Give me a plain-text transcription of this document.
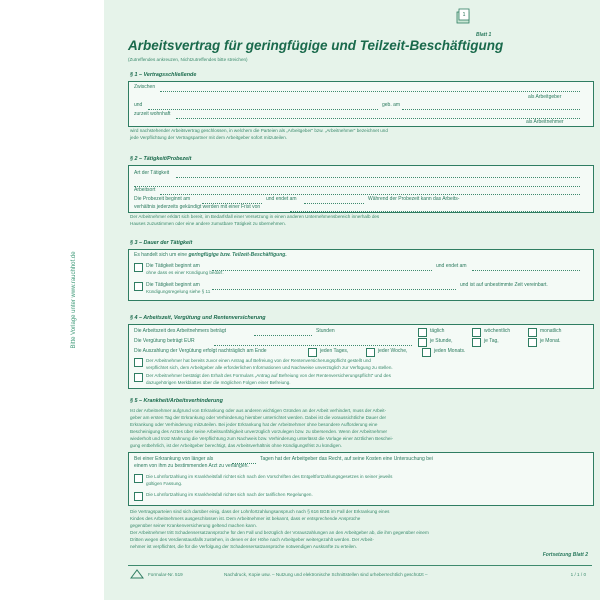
Bitte Vorlage unter www.rauchhof.de
1
Blatt 1
Arbeitsvertrag für geringfügige und Teilzeit-Beschäftigung
(Zutreffendes ankreuzen, Nichtzutreffendes bitte streichen)
§ 1 – Vertragsschließende
Zwischen
als Arbeitgeber
und	geb. am
zurzeit wohnhaft
als Arbeitnehmer
wird nachstehender Arbeitsvertrag geschlossen, in welchem die Parteien als „Arbeitgeber“ bzw. „Arbeitnehmer“ bezeichnet und
jede Verpflichtung der Vertragspartner mit dem Arbeitgeber sofort mitzuteilen.
§ 2 – Tätigkeit/Probezeit
Art der Tätigkeit
Arbeitsort
Die Probezeit beginnt am	und endet am	Während der Probezeit kann das Arbeits-
verhältnis jederzeits gekündigt werden mit einer Frist von
Der Arbeitnehmer erklärt sich bereit, im Bedarfsfall einer Versetzung in einen anderen Unternehmensbereich innerhalb des
Hauses zuzustimmen oder eine andere zumutbare Tätigkeit zu übernehmen.
§ 3 – Dauer der Tätigkeit
Es handelt sich um eine geringfügige bzw. Teilzeit-Beschäftigung.
Die Tätigkeit beginnt am	und endet am
ohne dass es einer Kündigung bedarf.
Die Tätigkeit beginnt am	und ist auf unbestimmte Zeit vereinbart.
Kündigungsregelung siehe § 11
§ 4 – Arbeitszeit, Vergütung und Rentenversicherung
Die Arbeitszeit des Arbeitnehmers beträgt	Stunden	täglich	wöchentlich	monatlich
Die Vergütung beträgt EUR	je Stunde,	je Tag,	je Monat.
Die Auszahlung der Vergütung erfolgt nachträglich am Ende	jeden Tages,	jeder Woche,	jeden Monats.
Der Arbeitnehmer hat bereits zuvor einen Antrag auf Befreiung von der Rentenversicherungspflicht gestellt und
verpflichtet sich, dem Arbeitgeber alle erforderlichen Informationen und Nachweise unverzüglich zur Verfügung zu stellen.
Der Arbeitnehmer bestätigt den Erhalt des Formulars „Antrag auf Befreiung von der Rentenversicherungspflicht“ und des
dazugehörigen Merkblattes über die möglichen Folgen einer Befreiung.
§ 5 – Krankheit/Arbeitsverhinderung
Ist der Arbeitnehmer aufgrund von Erkrankung oder aus anderen wichtigen Gründen an der Arbeit verhindert, muss der Arbeit-
geber am ersten Tag der Erkrankung oder Verhinderung hierüber unterrichtet werden. Dabei ist die voraussichtliche Dauer der
Erkrankung oder Verhinderung mitzuteilen. Bei jeder Erkrankung hat der Arbeitnehmer ohne besondere Aufforderung eine
Bescheinigung des Arztes über seine Arbeitsunfähigkeit unverzüglich vorzulegen bzw. zu übersenden. Wenn der Arbeitnehmer
wiederholt und trotz Mahnung die Verpflichtung zum Nachweis bzw. Verhinderung unterlässt die Vorlage einer ärztlichen Beschei-
gung entbehrlich, ist der Arbeitgeber berechtigt, das Arbeitsverhältnis ohne Kündigungsfrist zu kündigen.
Bei einer Erkrankung von länger als	Tagen hat der Arbeitgeber das Recht, auf seine Kosten eine Untersuchung bei
einem von ihm zu bestimmenden Arzt zu verlangen.
Die Lohnfortzahlung im Krankheitsfall richtet sich nach den Vorschriften des Entgeltfortzahlungsgesetzes in seiner jeweils
gültigen Fassung.
Die Lohnfortzahlung im Krankheitsfall richtet sich nach der tariflichen Regelungen.
Die Vertragsparteien sind sich darüber einig, dass der Lohnfortzahlungsanspruch nach § 616 BGB im Fall der Erkrankung eines
Kindes des Arbeitnehmers ausgeschlossen ist. Dem Arbeitnehmer ist bekannt, dass er entsprechende Ansprüche
gegenüber seiner Krankenversicherung geltend machen kann.
Der Arbeitnehmer tritt Schadensersatzansprüche für den Fall und bezüglich der Vorauszahlungen an den Arbeitgeber ab, die ihm gegenüber einem
Dritten wegen des Verdienstausfalls zustehen, in denen er der Höhe nach Arbeitgeber weitergezahlt werden. Der Arbeit-
nehmer ist verpflichtet, die für die Verfolgung der Schadensersatzansprüche notwendigen Auskünfte zu erteilen.
Fortsetzung Blatt 2
Formular-Nr. 519	Nachdruck, Kopie usw. – Nutzung und elektronische Schnittstellen sind urheberrechtlich geschützt –	1 / 1 / 0
